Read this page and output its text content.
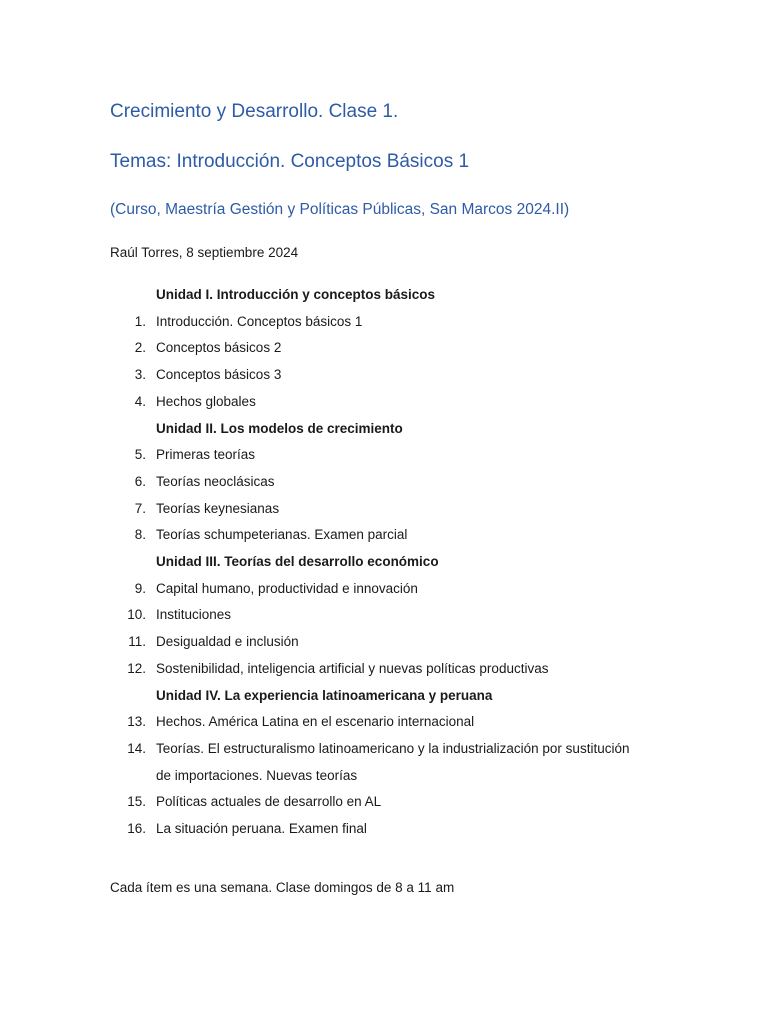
Crecimiento y Desarrollo. Clase 1.
Temas: Introducción. Conceptos Básicos 1
(Curso, Maestría Gestión y Políticas Públicas, San Marcos 2024.II)
Raúl Torres, 8 septiembre 2024
Unidad I. Introducción y conceptos básicos
1. Introducción. Conceptos básicos 1
2. Conceptos básicos 2
3. Conceptos básicos 3
4. Hechos globales
Unidad II. Los modelos de crecimiento
5. Primeras teorías
6. Teorías neoclásicas
7. Teorías keynesianas
8. Teorías schumpeterianas. Examen parcial
Unidad III. Teorías del desarrollo económico
9. Capital humano, productividad e innovación
10. Instituciones
11. Desigualdad e inclusión
12. Sostenibilidad, inteligencia artificial y nuevas políticas productivas
Unidad IV. La experiencia latinoamericana y peruana
13. Hechos. América Latina en el escenario internacional
14. Teorías. El estructuralismo latinoamericano y la industrialización por sustitución
de importaciones. Nuevas teorías
15. Políticas actuales de desarrollo en AL
16. La situación peruana. Examen final
Cada ítem es una semana. Clase domingos de 8 a 11 am
